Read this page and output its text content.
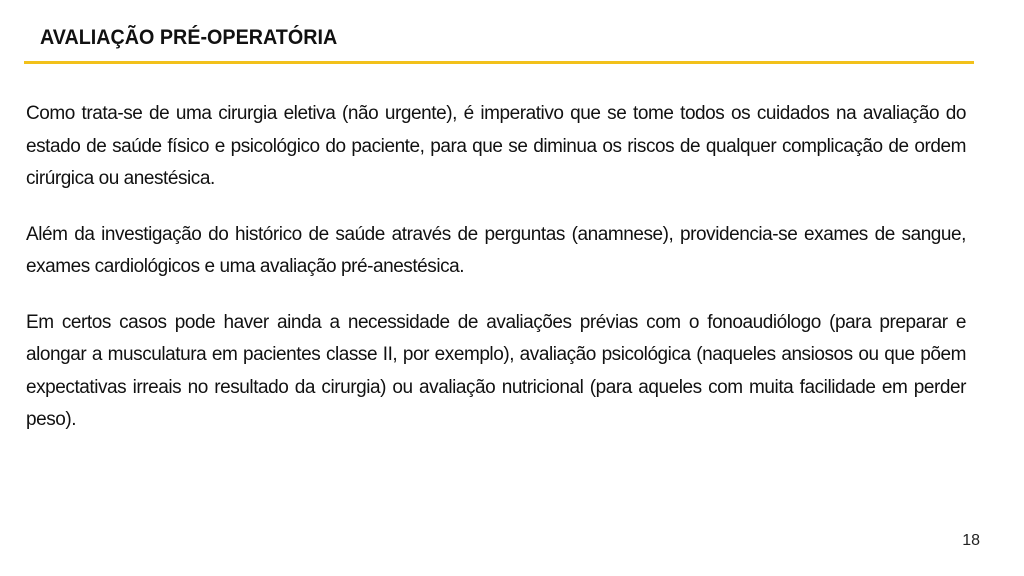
AVALIAÇÃO PRÉ-OPERATÓRIA

Como trata-se de uma cirurgia eletiva (não urgente), é imperativo que se tome todos os cuidados na avaliação do estado de saúde físico e psicológico do paciente, para que se diminua os riscos de qualquer complicação de ordem cirúrgica ou anestésica.

Além da investigação do histórico de saúde através de perguntas (anamnese), providencia-se exames de sangue, exames cardiológicos e uma avaliação pré-anestésica.

Em certos casos pode haver ainda a necessidade de avaliações prévias com o fonoaudiólogo (para preparar e alongar a musculatura em pacientes classe II, por exemplo), avaliação psicológica (naqueles ansiosos ou que põem expectativas irreais no resultado da cirurgia) ou avaliação nutricional (para aqueles com muita facilidade em perder peso).

18
